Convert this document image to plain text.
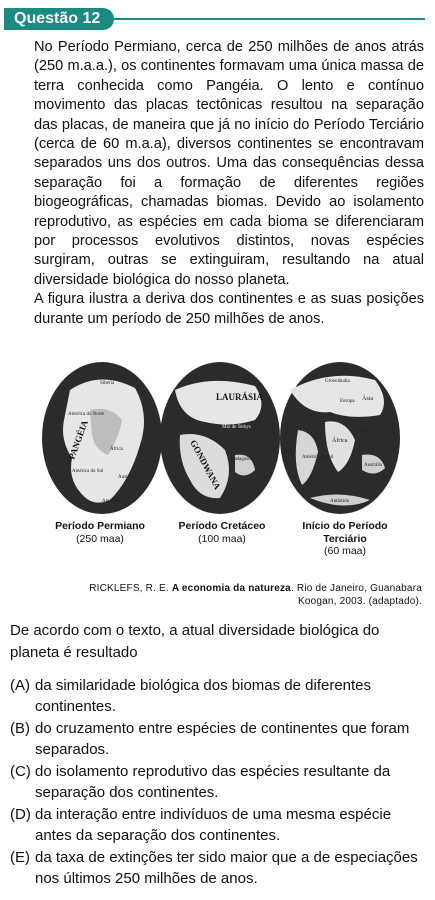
Questão 12

No Período Permiano, cerca de 250 milhões de anos atrás (250 m.a.a.), os continentes formavam uma única massa de terra conhecida como Pangéia. O lento e contínuo movimento das placas tectônicas resultou na separação das placas, de maneira que já no início do Período Terciário (cerca de 60 m.a.a), diversos continentes se encontravam separados uns dos outros. Uma das consequências dessa separação foi a formação de diferentes regiões biogeográficas, chamadas biomas. Devido ao isolamento reprodutivo, as espécies em cada bioma se diferenciaram por processos evolutivos distintos, novas espécies surgiram, outras se extinguiram, resultando na atual diversidade biológica do nosso planeta.

A figura ilustra a deriva dos continentes e as suas posições durante um período de 250 milhões de anos.

Sibéria
América do Norte
PANGÉIA	África
América do Sul
Austrália
Antártida
LAURÁSIA
Mar de Tethys
GONDWANA Madagascar
Groenlândia
Europa Ásia
África
América do Sul
Índia
Austrália
Antártida
Período Permiano
(250 maa)
Período Cretáceo
(100 maa)
Início do Período Terciário
(60 maa)
RICKLEFS, R. E. A economia da natureza. Rio de Janeiro, Guanabara
Koogan, 2003. (adaptado).
De acordo com o texto, a atual diversidade biológica do planeta é resultado
(A) da similaridade biológica dos biomas de diferentes continentes.
(B) do cruzamento entre espécies de continentes que foram separados.
(C) do isolamento reprodutivo das espécies resultante da separação dos continentes.
(D) da interação entre indivíduos de uma mesma espécie antes da separação dos continentes.
(E) da taxa de extinções ter sido maior que a de especiações nos últimos 250 milhões de anos.
